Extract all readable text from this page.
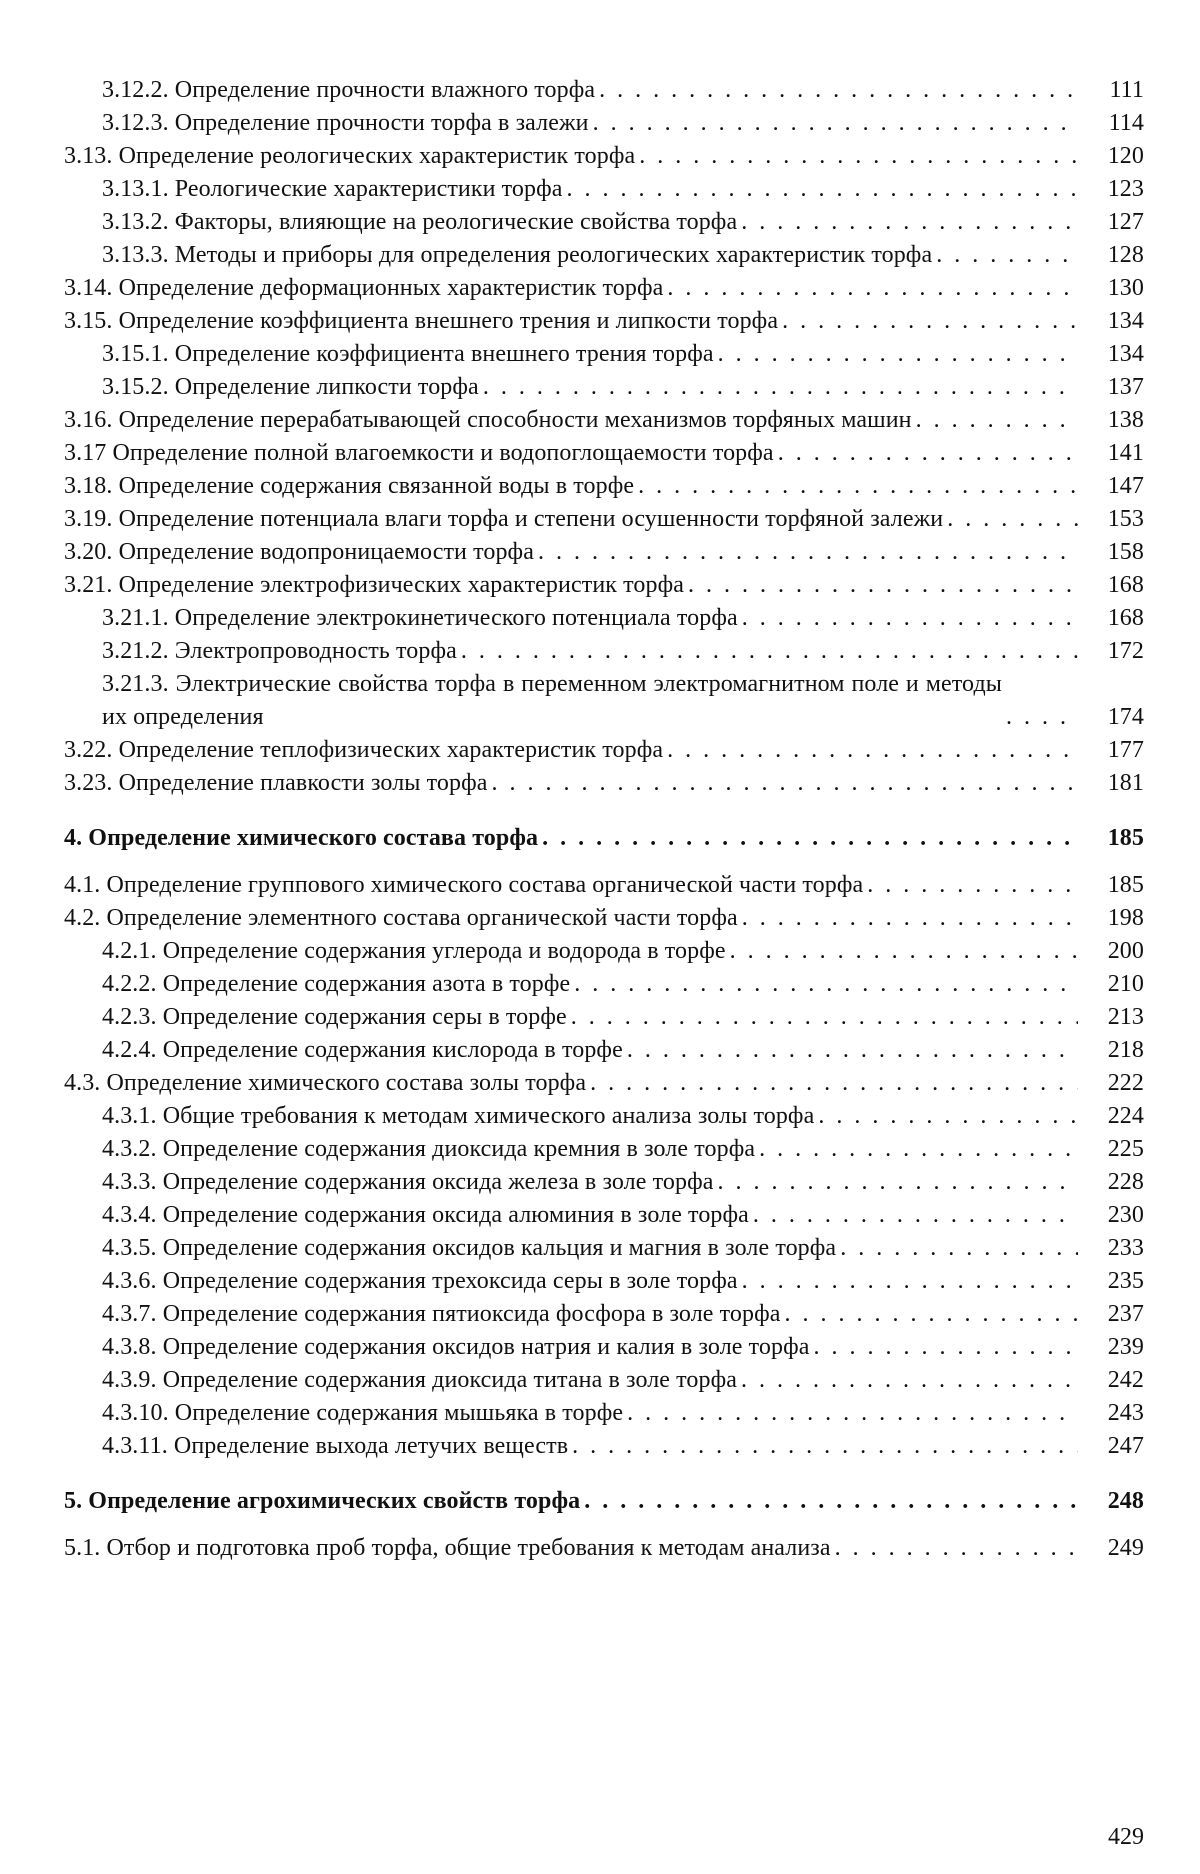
3.12.2. Определение прочности влажного торфа . . .	111
3.12.3. Определение прочности торфа в залежи . . .	114
3.13. Определение реологических характеристик торфа . . .	120
3.13.1. Реологические характеристики торфа . . .	123
3.13.2. Факторы, влияющие на реологические свойства торфа . . .	127
3.13.3. Методы и приборы для определения реологических характеристик торфа . . .	128
3.14. Определение деформационных характеристик торфа . . .	130
3.15. Определение коэффициента внешнего трения и липкости торфа . . .	134
3.15.1. Определение коэффициента внешнего трения торфа . . .	134
3.15.2. Определение липкости торфа . . .	137
3.16. Определение перерабатывающей способности механизмов торфяных машин . . .	138
3.17 Определение полной влагоемкости и водопоглощаемости торфа . . .	141
3.18. Определение содержания связанной воды в торфе . . .	147
3.19. Определение потенциала влаги торфа и степени осушенности торфяной залежи . . .	153
3.20. Определение водопроницаемости торфа . . .	158
3.21. Определение электрофизических характеристик торфа . . .	168
3.21.1. Определение электрокинетического потенциала торфа . . .	168
3.21.2. Электропроводность торфа . . .	172
3.21.3. Электрические свойства торфа в переменном электромагнитном поле и методы их определения . . .	174
3.22. Определение теплофизических характеристик торфа . . .	177
3.23. Определение плавкости золы торфа . . .	181
4. Определение химического состава торфа . . .	185
4.1. Определение группового химического состава органической части торфа . . .	185
4.2. Определение элементного состава органической части торфа . . .	198
4.2.1. Определение содержания углерода и водорода в торфе . . .	200
4.2.2. Определение содержания азота в торфе . . .	210
4.2.3. Определение содержания серы в торфе . . .	213
4.2.4. Определение содержания кислорода в торфе . . .	218
4.3. Определение химического состава золы торфа . . .	222
4.3.1. Общие требования к методам химического анализа золы торфа . . .	224
4.3.2. Определение содержания диоксида кремния в золе торфа . . .	225
4.3.3. Определение содержания оксида железа в золе торфа . . .	228
4.3.4. Определение содержания оксида алюминия в золе торфа . . .	230
4.3.5. Определение содержания оксидов кальция и магния в золе торфа . . .	233
4.3.6. Определение содержания трехоксида серы в золе торфа . . .	235
4.3.7. Определение содержания пятиоксида фосфора в золе торфа . . .	237
4.3.8. Определение содержания оксидов натрия и калия в золе торфа . . .	239
4.3.9. Определение содержания диоксида титана в золе торфа . . .	242
4.3.10. Определение содержания мышьяка в торфе . . .	243
4.3.11. Определение выхода летучих веществ . . .	247
5. Определение агрохимических свойств торфа . . .	248
5.1. Отбор и подготовка проб торфа, общие требования к методам анализа . . .	249
429
